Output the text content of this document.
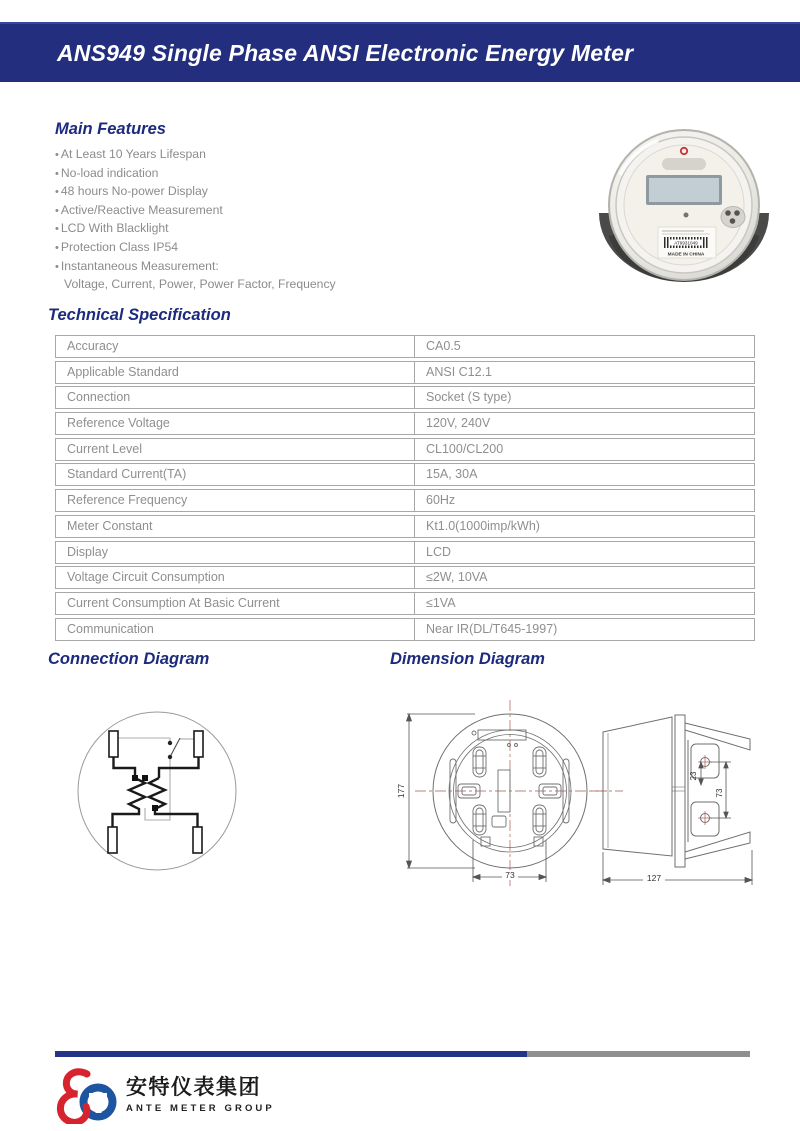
ANS949 Single Phase ANSI Electronic Energy Meter
Main Features
• At Least 10 Years Lifespan
• No-load indication
• 48 hours No-power Display
• Active/Reactive Measurement
• LCD With Blacklight
• Protection Class IP54
• Instantaneous Measurement:
Voltage, Current, Power, Power Factor, Frequency
AT9931049
MADE IN CHINA
Technical Specification
Accuracy	CA0.5
Applicable Standard	ANSI C12.1
Connection	Socket (S type)
Reference Voltage	120V, 240V
Current Level	CL100/CL200
Standard Current(TA)	15A, 30A
Reference Frequency	60Hz
Meter Constant	Kt1.0(1000imp/kWh)
Display	LCD
Voltage Circuit Consumption	≤2W, 10VA
Current Consumption At Basic Current	≤1VA
Communication	Near IR(DL/T645-1997)
Connection Diagram	Dimension Diagram
177
73
23
73
127
安特仪表集团
ANTE METER GROUP
